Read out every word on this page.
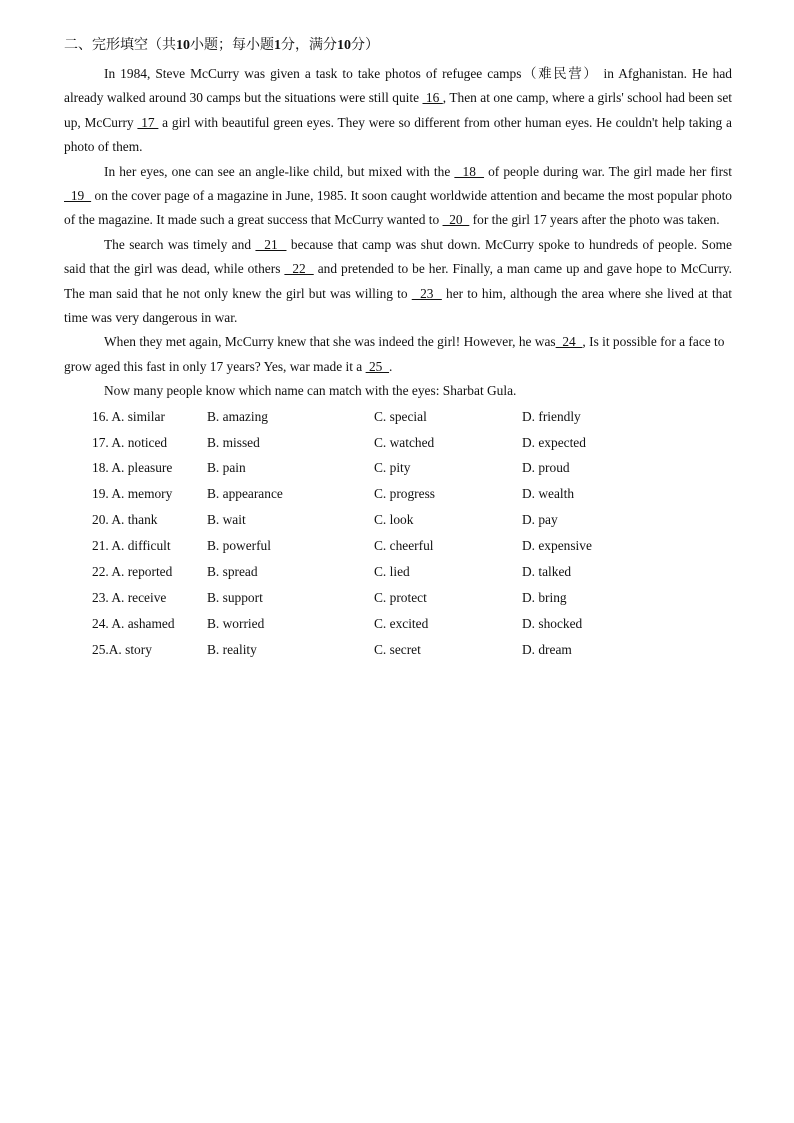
二、完形填空（共10小题；每小题1分，满分10分）

In 1984, Steve McCurry was given a task to take photos of refugee camps（难民营） in Afghanistan. He had already walked around 30 camps but the situations were still quite  16 , Then at one camp, where a girls' school had been set up, McCurry  17  a girl with beautiful green eyes. They were so different from other human eyes. He couldn't help taking a photo of them.

In her eyes, one can see an angle-like child, but mixed with the   18   of people during war. The girl made her first   19   on the cover page of a magazine in June, 1985. It soon caught worldwide attention and became the most popular photo of the magazine. It made such a great success that McCurry wanted to   20   for the girl 17 years after the photo was taken.

The search was timely and   21   because that camp was shut down. McCurry spoke to hundreds of people. Some said that the girl was dead, while others   22   and pretended to be her. Finally, a man came up and gave hope to McCurry. The man said that he not only knew the girl but was willing to   23   her to him, although the area where she lived at that time was very dangerous in war.

When they met again, McCurry knew that she was indeed the girl! However, he was  24  , Is it possible for a face to grow aged this fast in only 17 years? Yes, war made it a  25  .

Now many people know which name can match with the eyes: Sharbat Gula.

16. A. similar	B. amazing	C. special	D. friendly
17. A. noticed	B. missed	C. watched	D. expected
18. A. pleasure	B. pain	C. pity	D. proud
19. A. memory	B. appearance	C. progress	D. wealth
20. A. thank	B. wait	C. look	D. pay
21. A. difficult	B. powerful	C. cheerful	D. expensive
22. A. reported	B. spread	C. lied	D. talked
23. A. receive	B. support	C. protect	D. bring
24. A. ashamed	B. worried	C. excited	D. shocked
25.A. story	B. reality	C. secret	D. dream
